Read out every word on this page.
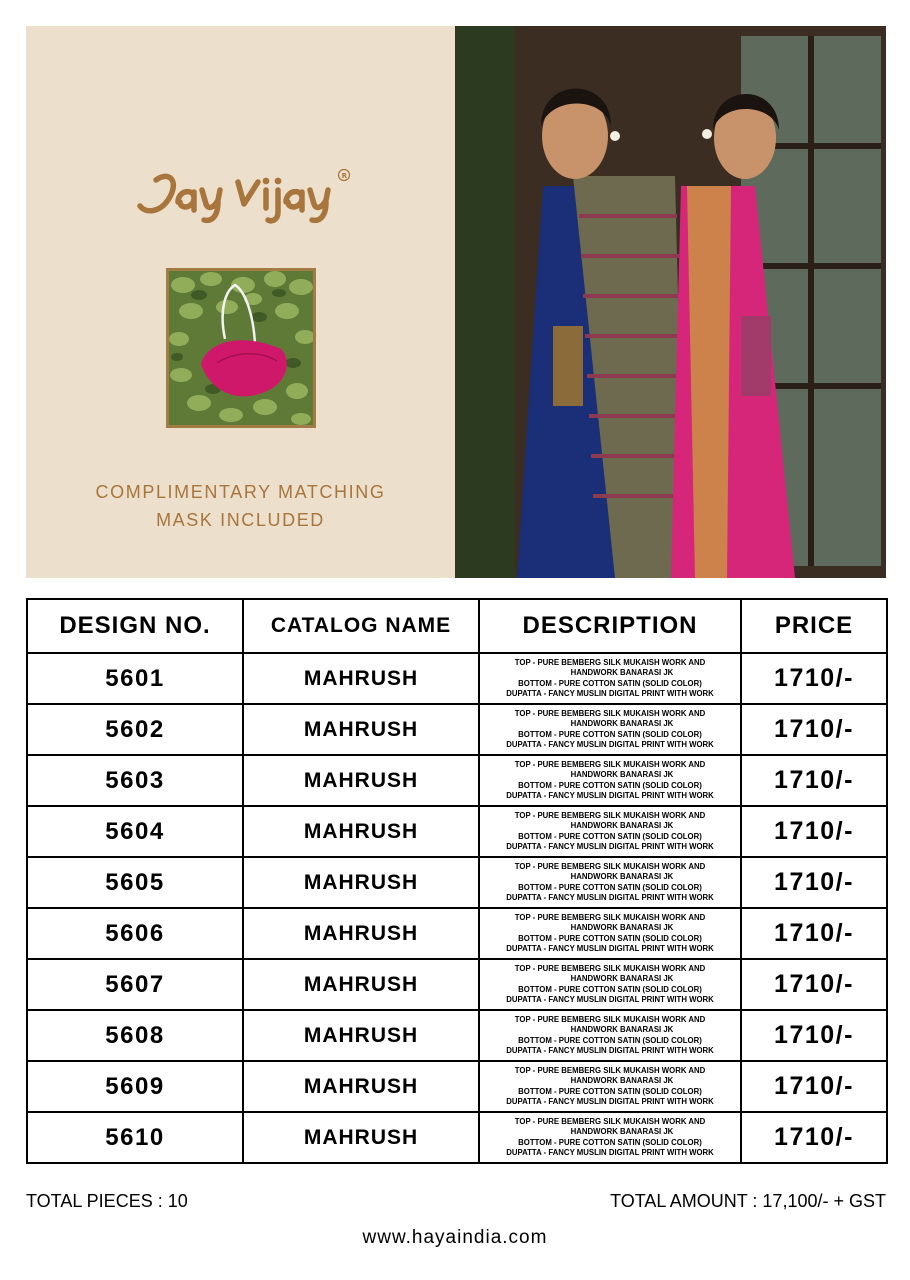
R
COMPLIMENTARY MATCHING
MASK INCLUDED
DESIGN NO.	CATALOG NAME	DESCRIPTION	PRICE
5601	MAHRUSH	TOP - PURE BEMBERG SILK MUKAISH WORK AND
HANDWORK BANARASI JK
BOTTOM - PURE COTTON SATIN (SOLID COLOR)
DUPATTA - FANCY MUSLIN DIGITAL PRINT WITH WORK	1710/-
5602	MAHRUSH	TOP - PURE BEMBERG SILK MUKAISH WORK AND
HANDWORK BANARASI JK
BOTTOM - PURE COTTON SATIN (SOLID COLOR)
DUPATTA - FANCY MUSLIN DIGITAL PRINT WITH WORK	1710/-
5603	MAHRUSH	TOP - PURE BEMBERG SILK MUKAISH WORK AND
HANDWORK BANARASI JK
BOTTOM - PURE COTTON SATIN (SOLID COLOR)
DUPATTA - FANCY MUSLIN DIGITAL PRINT WITH WORK	1710/-
5604	MAHRUSH	TOP - PURE BEMBERG SILK MUKAISH WORK AND
HANDWORK BANARASI JK
BOTTOM - PURE COTTON SATIN (SOLID COLOR)
DUPATTA - FANCY MUSLIN DIGITAL PRINT WITH WORK	1710/-
5605	MAHRUSH	TOP - PURE BEMBERG SILK MUKAISH WORK AND
HANDWORK BANARASI JK
BOTTOM - PURE COTTON SATIN (SOLID COLOR)
DUPATTA - FANCY MUSLIN DIGITAL PRINT WITH WORK	1710/-
5606	MAHRUSH	TOP - PURE BEMBERG SILK MUKAISH WORK AND
HANDWORK BANARASI JK
BOTTOM - PURE COTTON SATIN (SOLID COLOR)
DUPATTA - FANCY MUSLIN DIGITAL PRINT WITH WORK	1710/-
5607	MAHRUSH	TOP - PURE BEMBERG SILK MUKAISH WORK AND
HANDWORK BANARASI JK
BOTTOM - PURE COTTON SATIN (SOLID COLOR)
DUPATTA - FANCY MUSLIN DIGITAL PRINT WITH WORK	1710/-
5608	MAHRUSH	TOP - PURE BEMBERG SILK MUKAISH WORK AND
HANDWORK BANARASI JK
BOTTOM - PURE COTTON SATIN (SOLID COLOR)
DUPATTA - FANCY MUSLIN DIGITAL PRINT WITH WORK	1710/-
5609	MAHRUSH	TOP - PURE BEMBERG SILK MUKAISH WORK AND
HANDWORK BANARASI JK
BOTTOM - PURE COTTON SATIN (SOLID COLOR)
DUPATTA - FANCY MUSLIN DIGITAL PRINT WITH WORK	1710/-
5610	MAHRUSH	TOP - PURE BEMBERG SILK MUKAISH WORK AND
HANDWORK BANARASI JK
BOTTOM - PURE COTTON SATIN (SOLID COLOR)
DUPATTA - FANCY MUSLIN DIGITAL PRINT WITH WORK	1710/-
TOTAL PIECES : 10	TOTAL AMOUNT : 17,100/- + GST
www.hayaindia.com
